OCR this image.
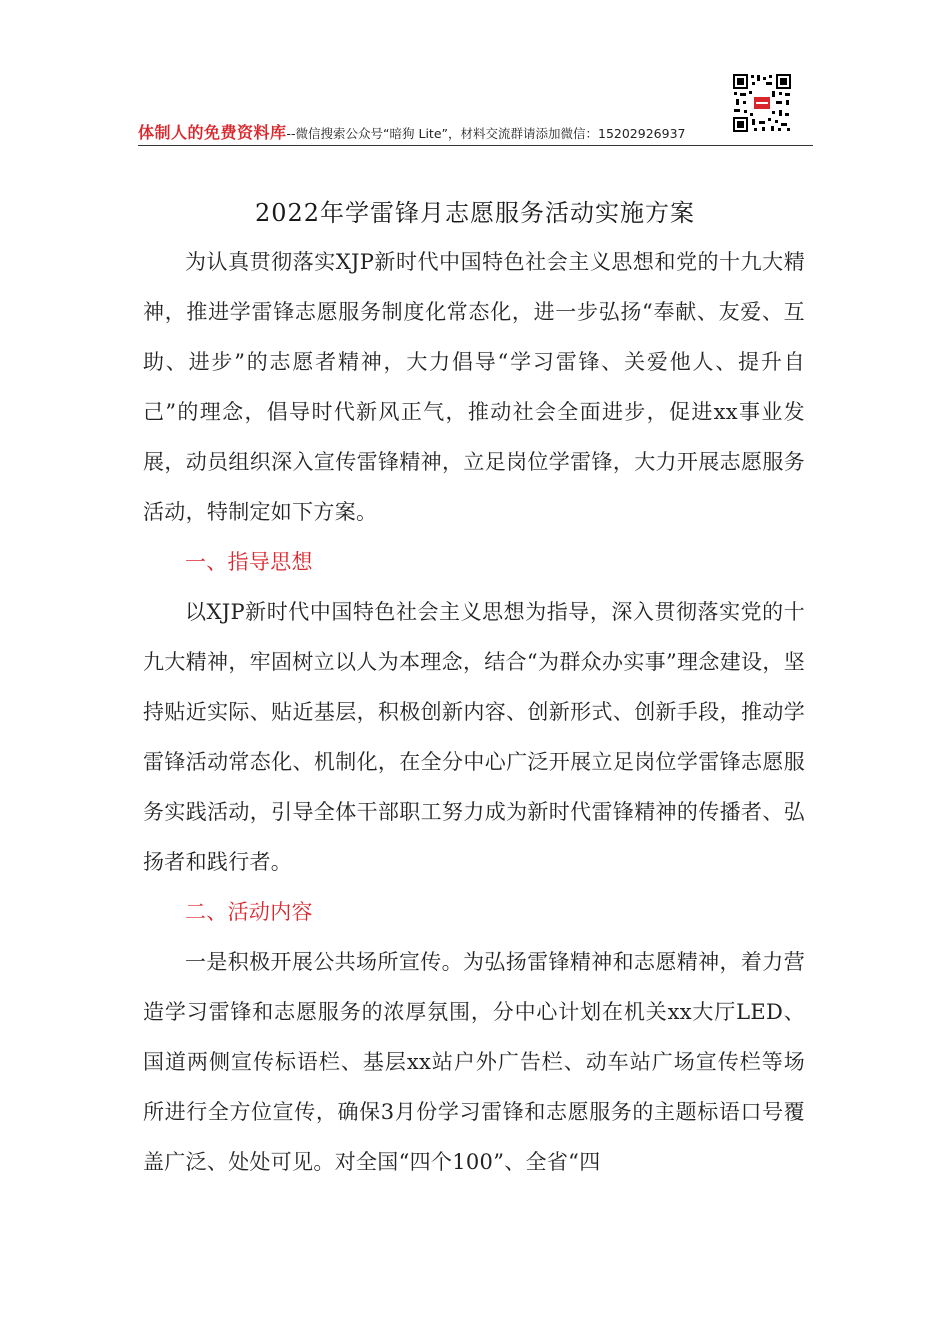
体制人的免费资料库--微信搜索公众号“暗狗 Lite”，材料交流群请添加微信：15202926937
2022年学雷锋月志愿服务活动实施方案

为认真贯彻落实XJP新时代中国特色社会主义思想和党的十九大精神，推进学雷锋志愿服务制度化常态化，进一步弘扬“奉献、友爱、互助、进步”的志愿者精神，大力倡导“学习雷锋、关爱他人、提升自己”的理念，倡导时代新风正气，推动社会全面进步，促进xx事业发展，动员组织深入宣传雷锋精神，立足岗位学雷锋，大力开展志愿服务活动，特制定如下方案。

一、指导思想

以XJP新时代中国特色社会主义思想为指导，深入贯彻落实党的十九大精神，牢固树立以人为本理念，结合“为群众办实事”理念建设，坚持贴近实际、贴近基层，积极创新内容、创新形式、创新手段，推动学雷锋活动常态化、机制化，在全分中心广泛开展立足岗位学雷锋志愿服务实践活动，引导全体干部职工努力成为新时代雷锋精神的传播者、弘扬者和践行者。

二、活动内容

一是积极开展公共场所宣传。为弘扬雷锋精神和志愿精神，着力营造学习雷锋和志愿服务的浓厚氛围，分中心计划在机关xx大厅LED、国道两侧宣传标语栏、基层xx站户外广告栏、动车站广场宣传栏等场所进行全方位宣传，确保3月份学习雷锋和志愿服务的主题标语口号覆盖广泛、处处可见。对全国“四个100”、全省“四
